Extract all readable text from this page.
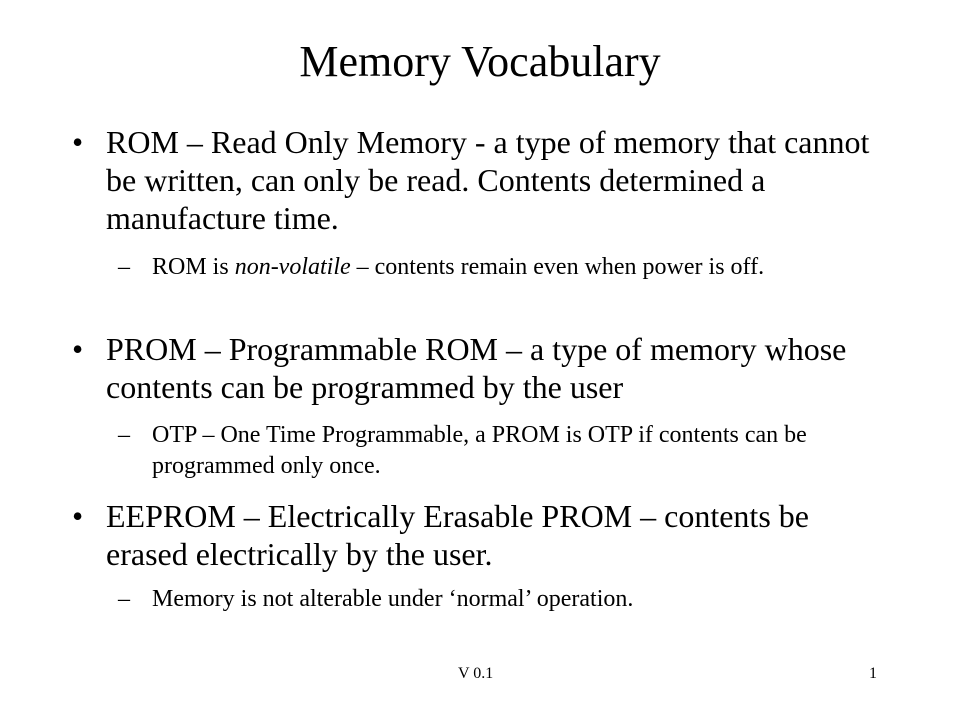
Memory Vocabulary
• ROM – Read Only Memory - a type of memory that cannot be written, can only be read. Contents determined a manufacture time.
– ROM is non-volatile – contents remain even when power is off.
• PROM – Programmable ROM – a type of memory whose contents can be programmed by the user
– OTP – One Time Programmable, a PROM is OTP if contents can be programmed only once.
• EEPROM – Electrically Erasable PROM – contents be erased electrically by the user.
– Memory is not alterable under ‘normal’ operation.
V 0.1	1
